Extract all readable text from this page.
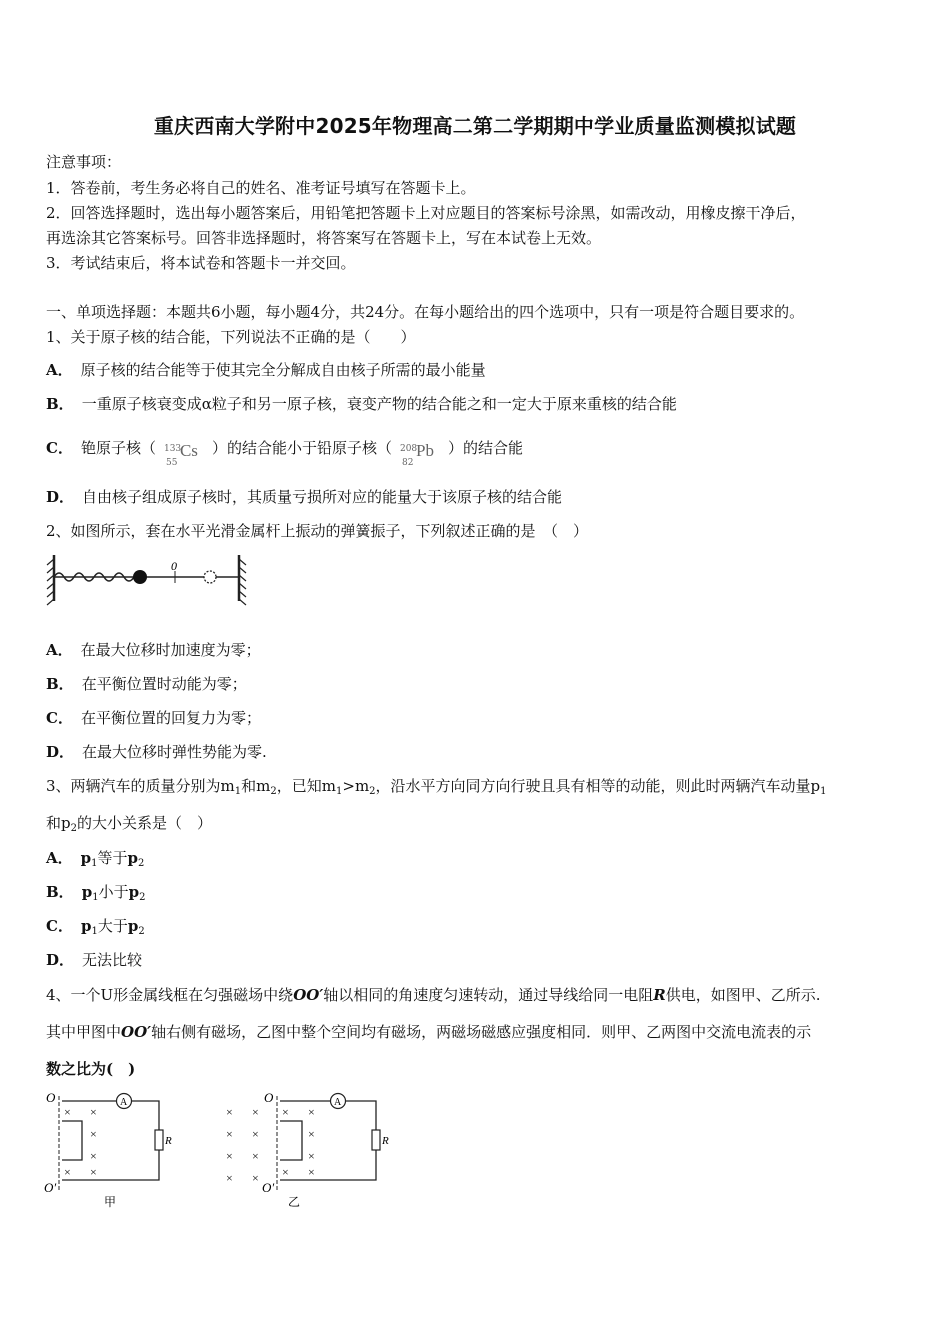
重庆西南大学附中2025年物理高二第二学期期中学业质量监测模拟试题
注意事项：
1．答卷前，考生务必将自己的姓名、准考证号填写在答题卡上。
2．回答选择题时，选出每小题答案后，用铅笔把答题卡上对应题目的答案标号涂黑，如需改动，用橡皮擦干净后，
再选涂其它答案标号。回答非选择题时，将答案写在答题卡上，写在本试卷上无效。
3．考试结束后，将本试卷和答题卡一并交回。
一、单项选择题：本题共6小题，每小题4分，共24分。在每小题给出的四个选项中，只有一项是符合题目要求的。
1、关于原子核的结合能，下列说法不正确的是（　　）
A． 原子核的结合能等于使其完全分解成自由核子所需的最小能量
B． 一重原子核衰变成α粒子和另一原子核，衰变产物的结合能之和一定大于原来重核的结合能
C． 铯原子核（ 133
55
Cs ）的结合能小于铅原子核（ 208
82
Pb ）的结合能
D． 自由核子组成原子核时，其质量亏损所对应的能量大于该原子核的结合能
2、如图所示，套在水平光滑金属杆上振动的弹簧振子，下列叙述正确的是　（　）
0
A． 在最大位移时加速度为零；
B． 在平衡位置时动能为零；
C． 在平衡位置的回复力为零；
D． 在最大位移时弹性势能为零.
3、两辆汽车的质量分别为$m_1$和$m_2$，已知$m_1>m_2$，沿水平方向同方向行驶且具有相等的动能，则此时两辆汽车动量$p_1$
和$p_2$的大小关系是（　）
A． $p_1$等于$p_2$
B． $p_1$小于$p_2$
C． $p_1$大于$p_2$
D． 无法比较
4、一个U形金属线框在匀强磁场中绕OO′轴以相同的角速度匀速转动，通过导线给同一电阻R供电，如图甲、乙所示.
其中甲图中OO′轴右侧有磁场，乙图中整个空间均有磁场，两磁场磁感应强度相同．则甲、乙两图中交流电流表的示
数之比为(　)
O
O′
A
R
× ×
×
×
× ×
甲
O
O′
A
R
× ×
× ×
× ×
× ×
× ×
×
×
× ×
乙
